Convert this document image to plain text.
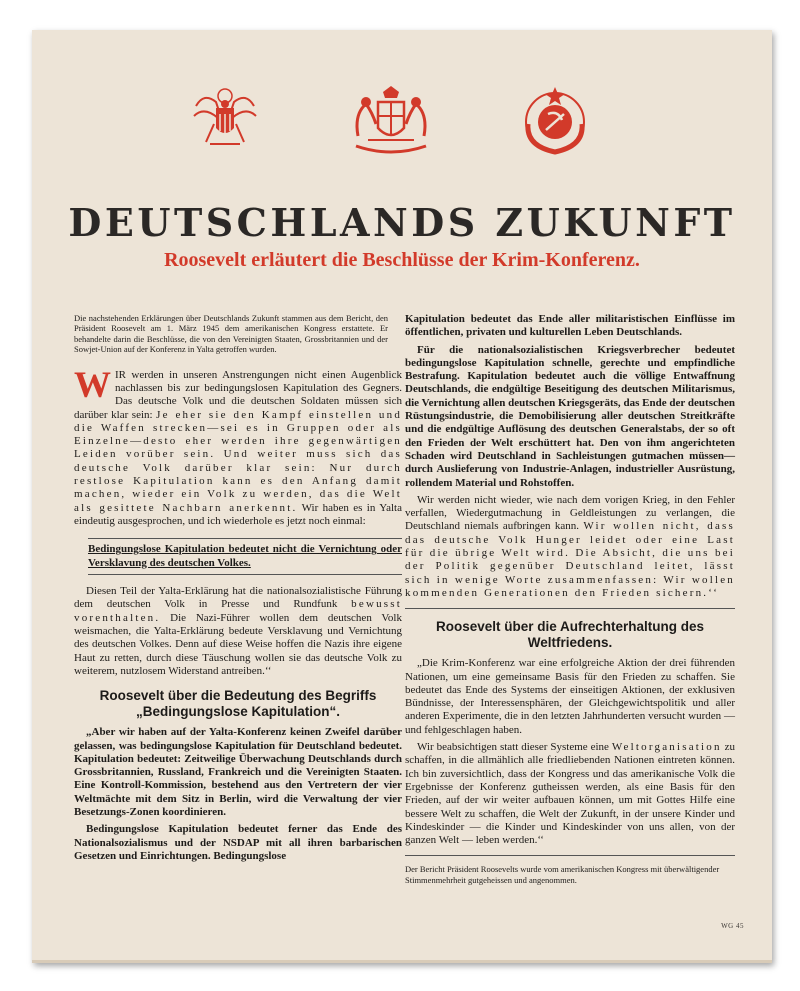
DEUTSCHLANDS ZUKUNFT
Roosevelt erläutert die Beschlüsse der Krim-Konferenz.

Die nachstehenden Erklärungen über Deutschlands Zukunft stammen aus dem Bericht, den Präsident Roosevelt am 1. März 1945 dem amerikanischen Kongress erstattete. Er behandelte darin die Beschlüsse, die von den Vereinigten Staaten, Grossbritannien und der Sowjet-Union auf der Konferenz in Yalta getroffen wurden.

WIR werden in unseren Anstrengungen nicht einen Augenblick nachlassen bis zur bedingungslosen Kapitulation des Gegners. Das deutsche Volk und die deutschen Soldaten müssen sich darüber klar sein: Je eher sie den Kampf einstellen und die Waffen strecken—sei es in Gruppen oder als Einzelne—desto eher werden ihre gegenwärtigen Leiden vorüber sein. Und weiter muss sich das deutsche Volk darüber klar sein: Nur durch restlose Kapitulation kann es den Anfang damit machen, wieder ein Volk zu werden, das die Welt als gesittete Nachbarn anerkennt. Wir haben es in Yalta eindeutig ausgesprochen, und ich wiederhole es jetzt noch einmal:

Bedingungslose Kapitulation bedeutet nicht die Vernichtung oder Versklavung des deutschen Volkes.

Diesen Teil der Yalta-Erklärung hat die nationalsozialistische Führung dem deutschen Volk in Presse und Rundfunk bewusst vorenthalten. Die Nazi-Führer wollen dem deutschen Volk weismachen, die Yalta-Erklärung bedeute Versklavung und Vernichtung des deutschen Volkes. Denn auf diese Weise hoffen die Nazis ihre eigene Haut zu retten, durch diese Täuschung wollen sie das deutsche Volk zu weiterem, nutzlosem Widerstand antreiben.‘‘

Roosevelt über die Bedeutung des Begriffs „Bedingungslose Kapitulation“.

„Aber wir haben auf der Yalta-Konferenz keinen Zweifel darüber gelassen, was bedingungslose Kapitulation für Deutschland bedeutet. Kapitulation bedeutet: Zeitweilige Überwachung Deutschlands durch Grossbritannien, Russland, Frankreich und die Vereinigten Staaten. Eine Kontroll-Kommission, bestehend aus den Vertretern der vier Weltmächte mit dem Sitz in Berlin, wird die Verwaltung der vier Besetzungs-Zonen koordinieren.

Bedingungslose Kapitulation bedeutet ferner das Ende des Nationalsozialismus und der NSDAP mit all ihren barbarischen Gesetzen und Einrichtungen. Bedingungslose

Kapitulation bedeutet das Ende aller militaristischen Einflüsse im öffentlichen, privaten und kulturellen Leben Deutschlands.

Für die nationalsozialistischen Kriegsverbrecher bedeutet bedingungslose Kapitulation schnelle, gerechte und empfindliche Bestrafung. Kapitulation bedeutet auch die völlige Entwaffnung Deutschlands, die endgültige Beseitigung des deutschen Militarismus, die Vernichtung allen deutschen Kriegsgeräts, das Ende der deutschen Rüstungsindustrie, die Demobilisierung aller deutschen Streitkräfte und die endgültige Auflösung des deutschen Generalstabs, der so oft den Frieden der Welt erschüttert hat. Den von ihm angerichteten Schaden wird Deutschland in Sachleistungen gutmachen müssen—durch Auslieferung von Industrie-Anlagen, industrieller Ausrüstung, rollendem Material und Rohstoffen.

Wir werden nicht wieder, wie nach dem vorigen Krieg, in den Fehler verfallen, Wiedergutmachung in Geldleistungen zu verlangen, die Deutschland niemals aufbringen kann. Wir wollen nicht, dass das deutsche Volk Hunger leidet oder eine Last für die übrige Welt wird. Die Absicht, die uns bei der Politik gegenüber Deutschland leitet, lässt sich in wenige Worte zusammenfassen: Wir wollen kommenden Generationen den Frieden sichern.‘‘

Roosevelt über die Aufrechterhaltung des Weltfriedens.

„Die Krim-Konferenz war eine erfolgreiche Aktion der drei führenden Nationen, um eine gemeinsame Basis für den Frieden zu schaffen. Sie bedeutet das Ende des Systems der einseitigen Aktionen, der exklusiven Bündnisse, der Interessensphären, der Gleichgewichtspolitik und aller anderen Experimente, die in den letzten Jahrhunderten versucht wurden — und fehlgeschlagen haben.

Wir beabsichtigen statt dieser Systeme eine Weltorganisation zu schaffen, in die allmählich alle friedliebenden Nationen eintreten können. Ich bin zuversichtlich, dass der Kongress und das amerikanische Volk die Ergebnisse der Konferenz gutheissen werden, als eine Basis für den Frieden, auf der wir weiter aufbauen können, um mit Gottes Hilfe eine bessere Welt zu schaffen, die Welt der Zukunft, in der unsere Kinder und Kindeskinder — die Kinder und Kindeskinder von uns allen, von der ganzen Welt — leben werden.‘‘

Der Bericht Präsident Roosevelts wurde vom amerikanischen Kongress mit überwältigender Stimmenmehrheit gutgeheissen und angenommen.

WG 45
